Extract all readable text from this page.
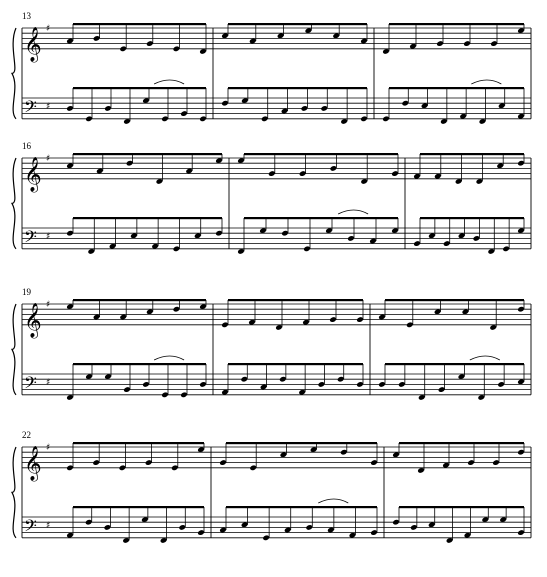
13
𝄞 ♯
𝄢 ♯
16
𝄞 ♯
𝄢 ♯
19
𝄞 ♯
𝄢 ♯
22
𝄞 ♯
𝄢 ♯
